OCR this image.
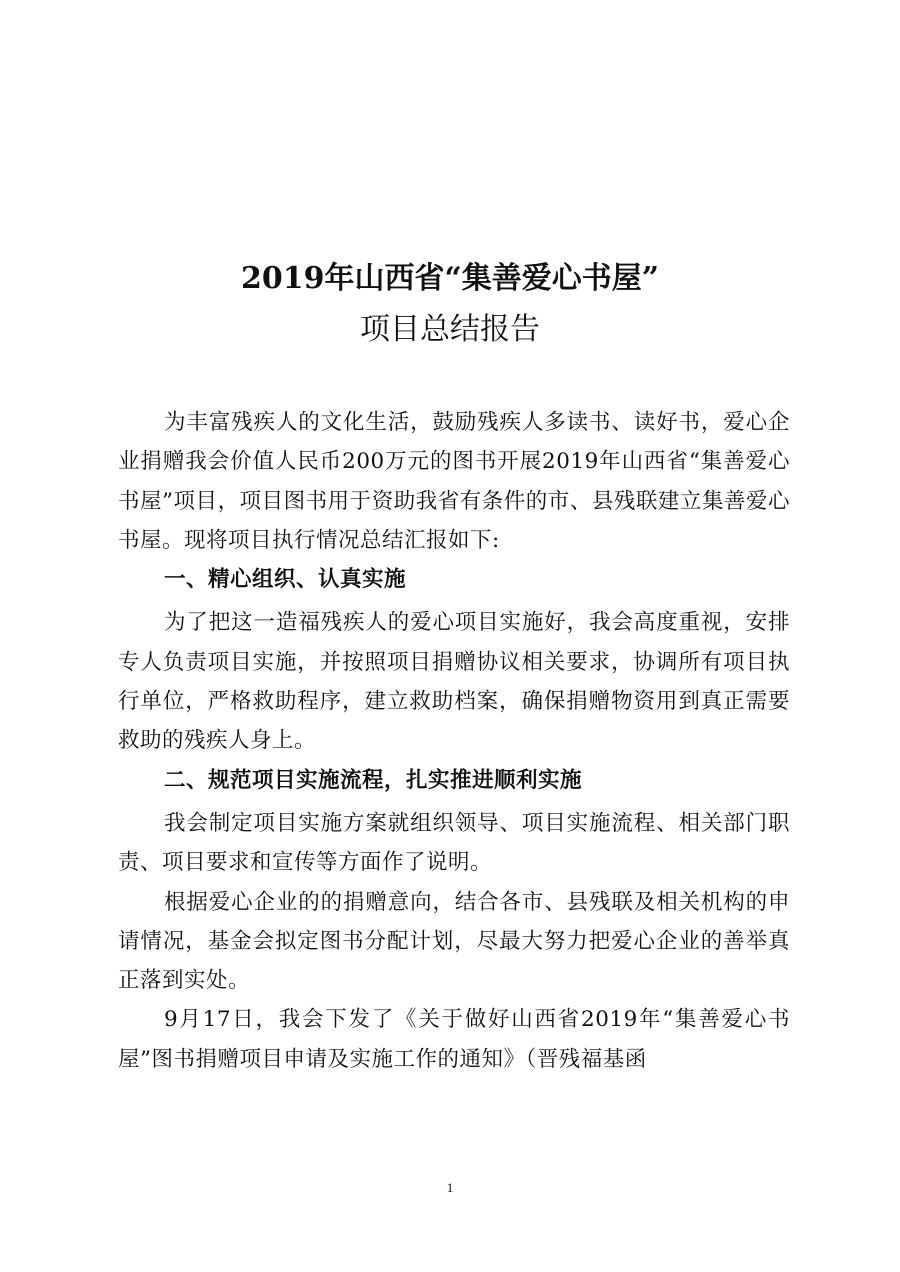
2019年山西省“集善爱心书屋”
项目总结报告

为丰富残疾人的文化生活，鼓励残疾人多读书、读好书，爱心企业捐赠我会价值人民币200万元的图书开展2019年山西省“集善爱心书屋”项目，项目图书用于资助我省有条件的市、县残联建立集善爱心书屋。现将项目执行情况总结汇报如下:

一、精心组织、认真实施

为了把这一造福残疾人的爱心项目实施好，我会高度重视，安排专人负责项目实施，并按照项目捐赠协议相关要求，协调所有项目执行单位，严格救助程序，建立救助档案，确保捐赠物资用到真正需要救助的残疾人身上。

二、规范项目实施流程，扎实推进顺利实施

我会制定项目实施方案就组织领导、项目实施流程、相关部门职责、项目要求和宣传等方面作了说明。

根据爱心企业的的捐赠意向，结合各市、县残联及相关机构的申请情况，基金会拟定图书分配计划，尽最大努力把爱心企业的善举真正落到实处。

9月17日，我会下发了《关于做好山西省2019年“集善爱心书屋”图书捐赠项目申请及实施工作的通知》（晋残福基函

1
